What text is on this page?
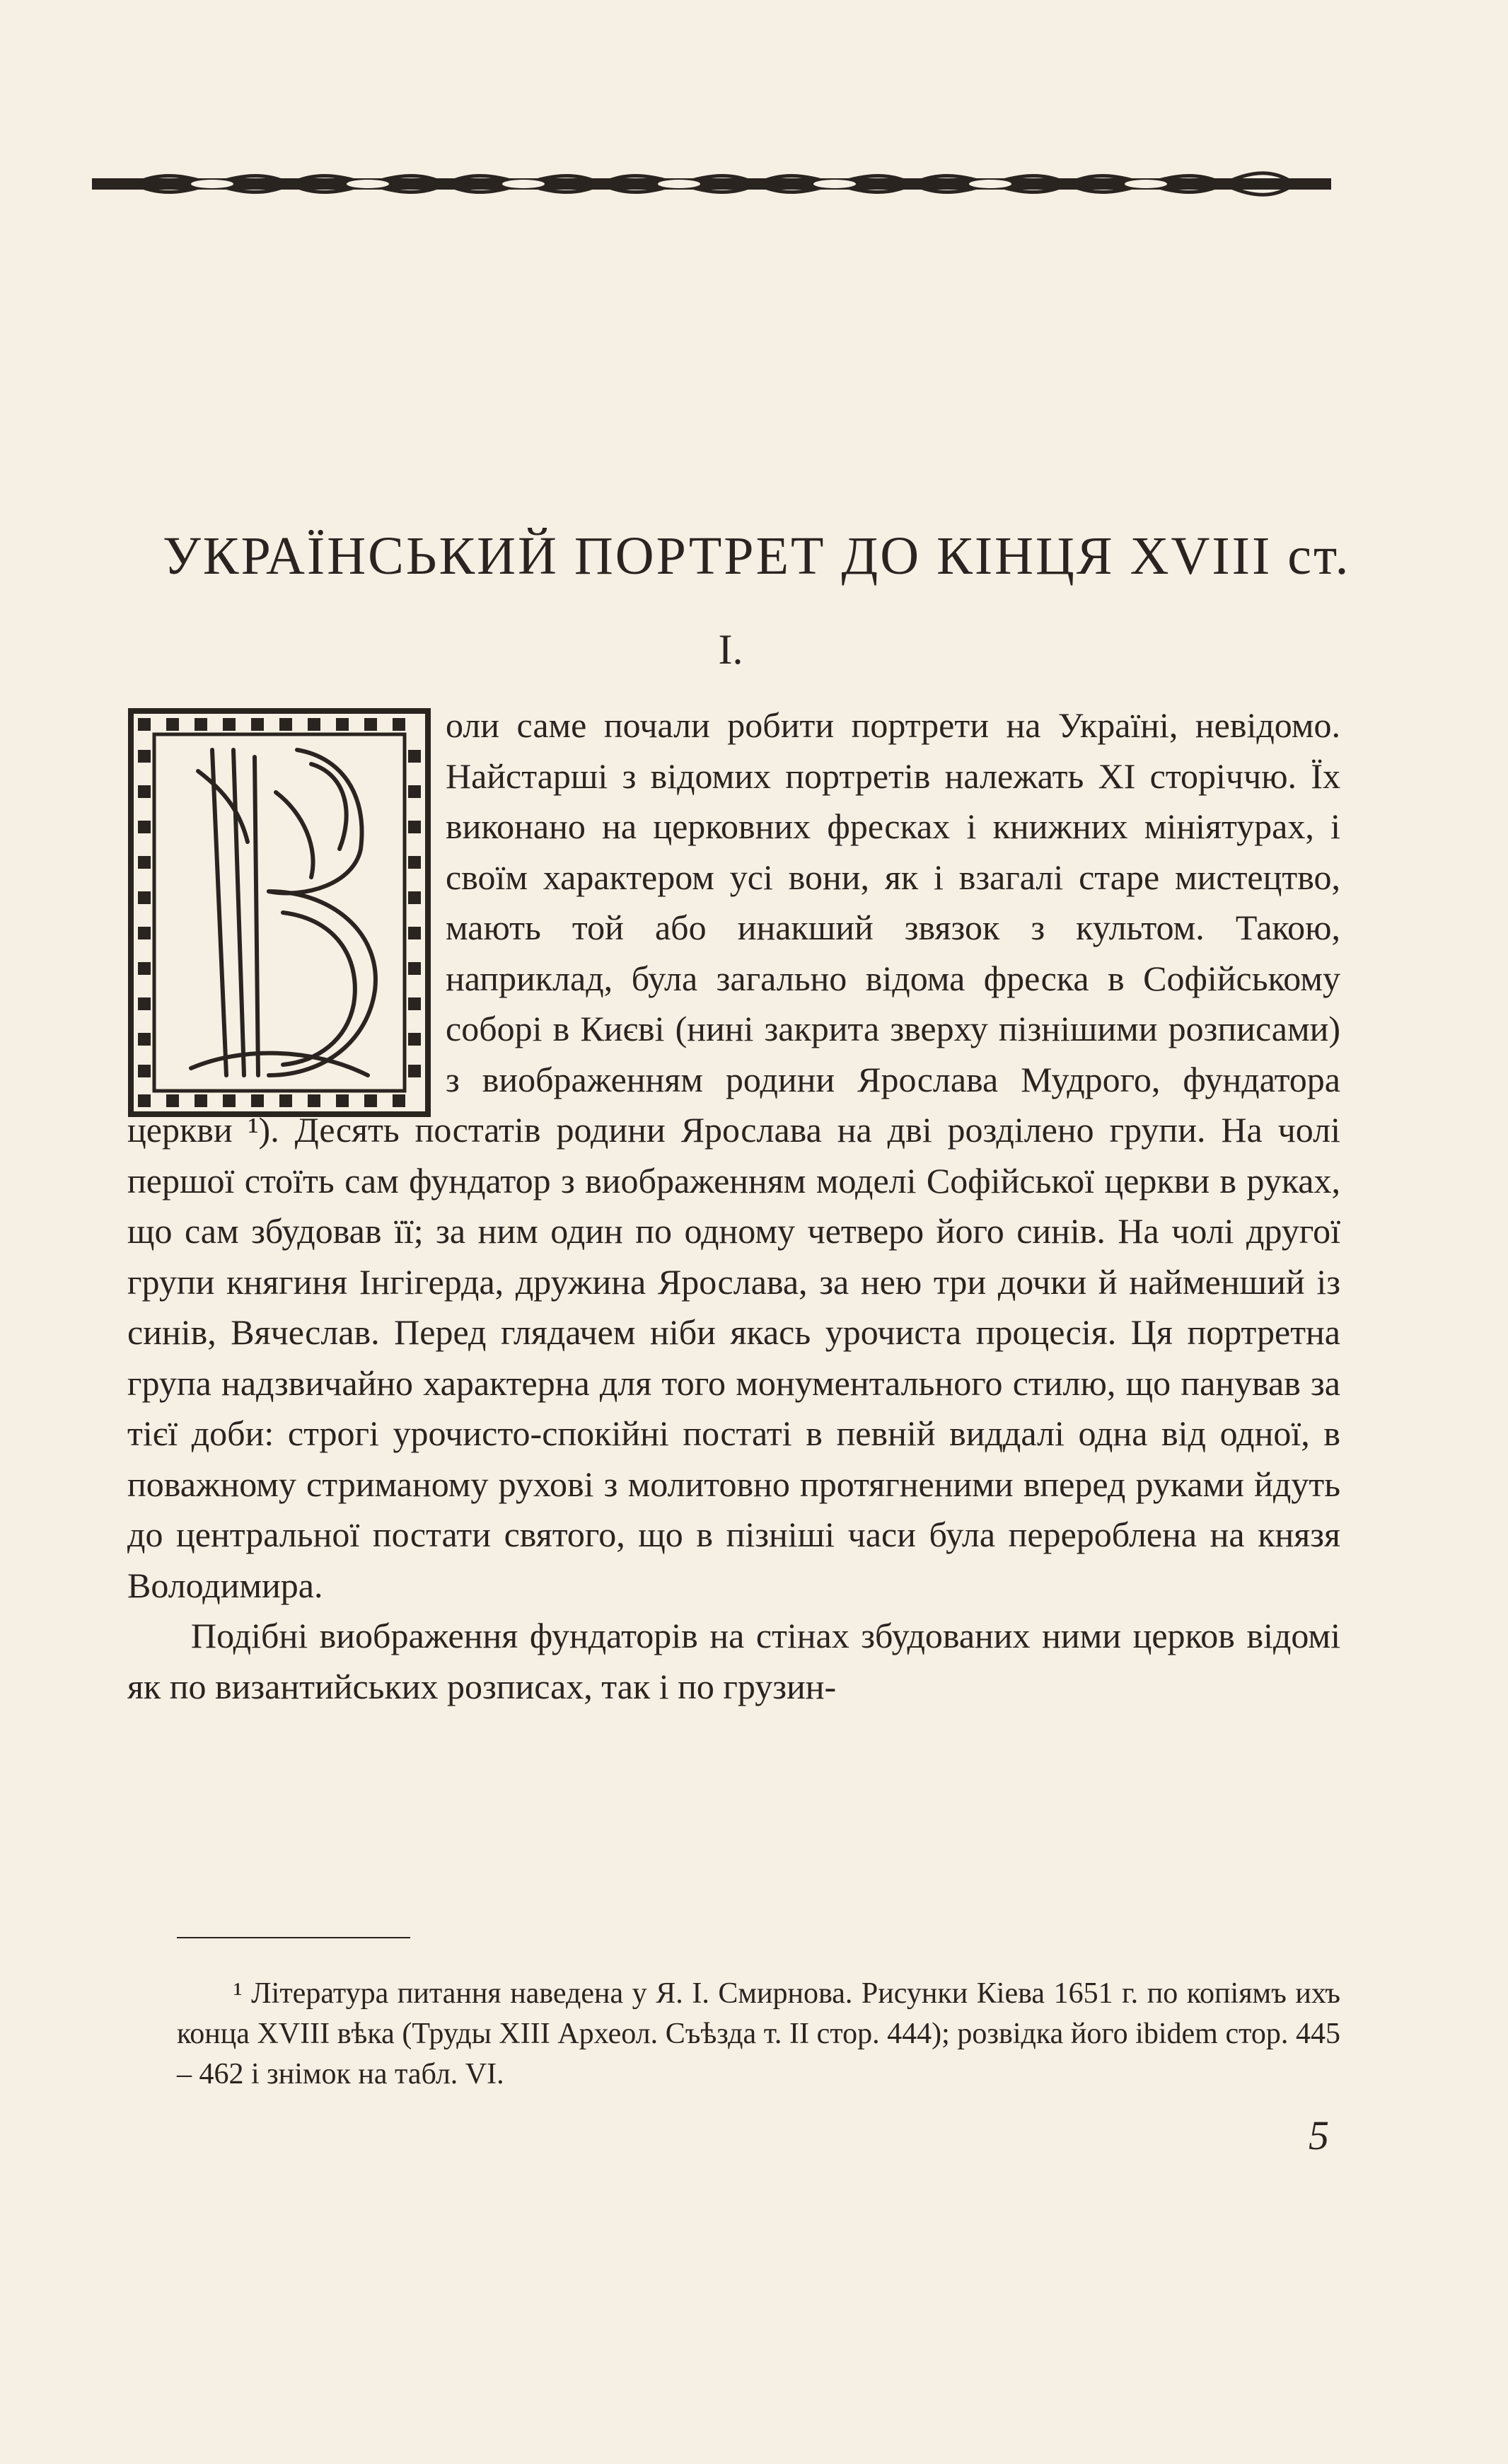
УКРАЇНСЬКИЙ ПОРТРЕТ ДО КІНЦЯ XVIII ст.
I.

оли саме почали робити портрети на Україні, невідомо. Найстарші з відомих портретів належать XI сторіччю. Їх виконано на церковних фресках і книжних мініятурах, і своїм характером усі вони, як і взагалі старе мистецтво, мають той або инакший звязок з культом. Такою, наприклад, була загально відома фреска в Софійському соборі в Києві (нині закрита зверху пізнішими розписами) з виображенням родини Ярослава Мудрого, фундатора церкви ¹). Десять постатів родини Ярослава на дві розділено групи. На чолі першої стоїть сам фундатор з виображенням моделі Софійської церкви в руках, що сам збудовав її; за ним один по одному четверо його синів. На чолі другої групи княгиня Інгігерда, дружина Ярослава, за нею три дочки й найменший із синів, Вячеслав. Перед глядачем ніби якась урочиста процесія. Ця портретна група надзвичайно характерна для того монументального стилю, що панував за тієї доби: строгі урочисто-спокійні постаті в певній виддалі одна від одної, в поважному стриманому руховi з молитовно протягненими вперед руками йдуть до центральної постати святого, що в пізніші часи була перероблена на князя Володимира.

Подібні виображення фундаторів на стінах збудованих ними церков відомі як по византийських розписах, так і по грузин-

¹ Література питання наведена у Я. І. Смирнова. Рисунки Кіева 1651 г. по копіямъ ихъ конца XVIII вѣка (Труды XIII Археол. Съѣзда т. II стор. 444); розвідка його ibidem стор. 445 – 462 і знімок на табл. VI.

5
